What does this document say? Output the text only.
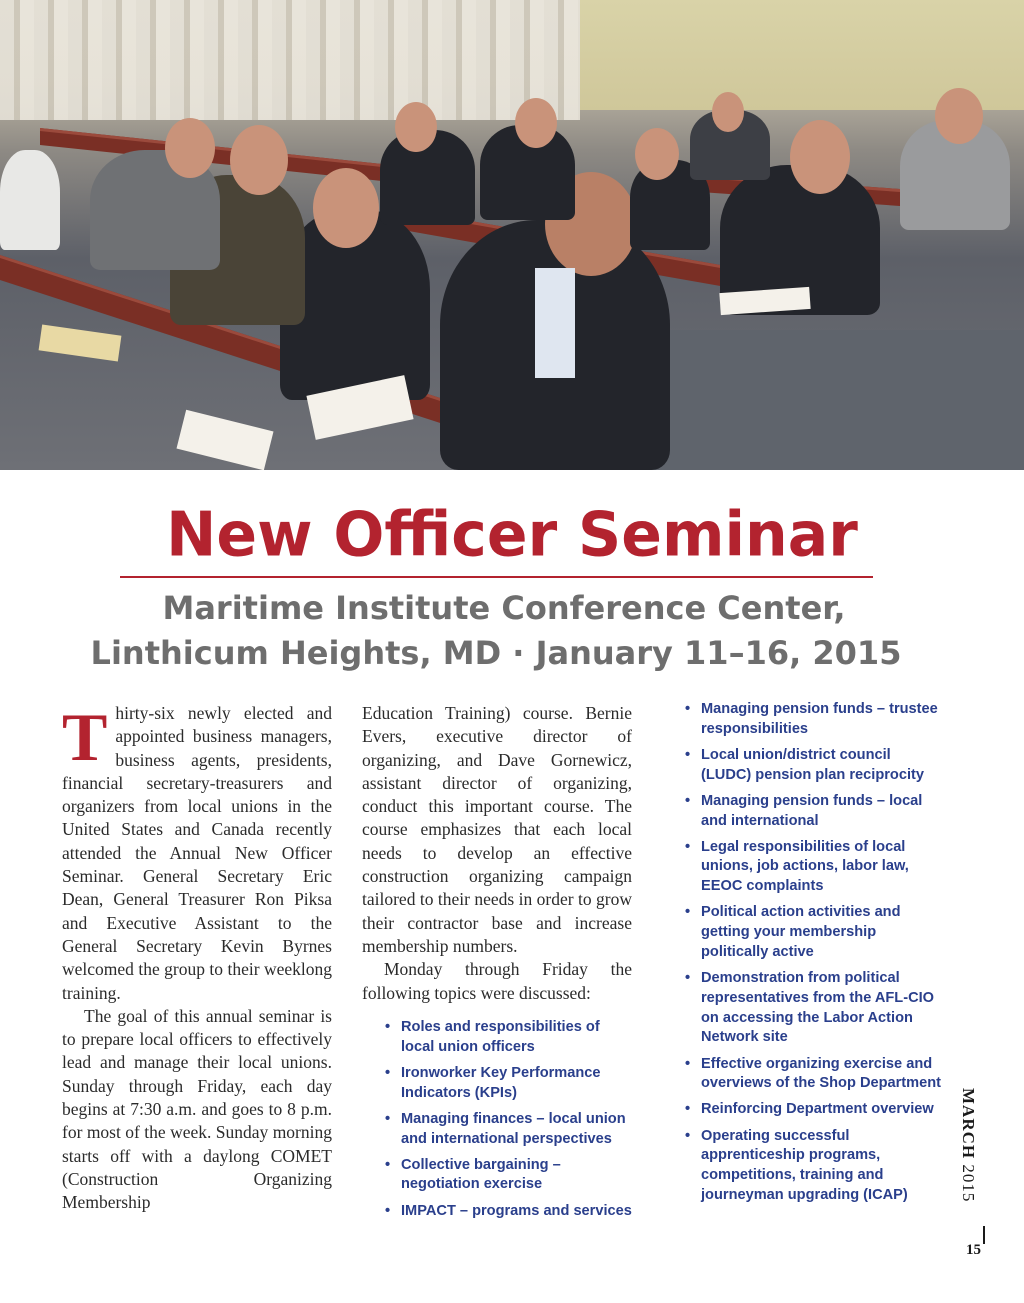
New Officer Seminar
Maritime Institute Conference Center,
Linthicum Heights, MD · January 11–16, 2015

Thirty-six newly elected and appointed business managers, business agents, presidents, financial secretary-treasurers and organizers from local unions in the United States and Canada recently attended the Annual New Officer Seminar. General Secretary Eric Dean, General Treasurer Ron Piksa and Executive Assistant to the General Secretary Kevin Byrnes welcomed the group to their weeklong training.

The goal of this annual seminar is to prepare local officers to effectively lead and manage their local unions. Sunday through Friday, each day begins at 7:30 a.m. and goes to 8 p.m. for most of the week. Sunday morning starts off with a daylong COMET (Construction Organizing Membership

Education Training) course. Bernie Evers, executive director of organizing, and Dave Gornewicz, assistant director of organizing, conduct this important course. The course emphasizes that each local needs to develop an effective construction organizing campaign tailored to their needs in order to grow their contractor base and increase membership numbers.

Monday through Friday the following topics were discussed:

• Roles and responsibilities of local union officers
• Ironworker Key Performance Indicators (KPIs)
• Managing finances – local union and international perspectives
• Collective bargaining – negotiation exercise
• IMPACT – programs and services
• Managing pension funds – trustee responsibilities
• Local union/district council (LUDC) pension plan reciprocity
• Managing pension funds – local and international
• Legal responsibilities of local unions, job actions, labor law, EEOC complaints
• Political action activities and getting your membership politically active
• Demonstration from political representatives from the AFL-CIO on accessing the Labor Action Network site
• Effective organizing exercise and overviews of the Shop Department
• Reinforcing Department overview
• Operating successful apprenticeship programs, competitions, training and journeyman upgrading (ICAP)
MARCH 2015
15
